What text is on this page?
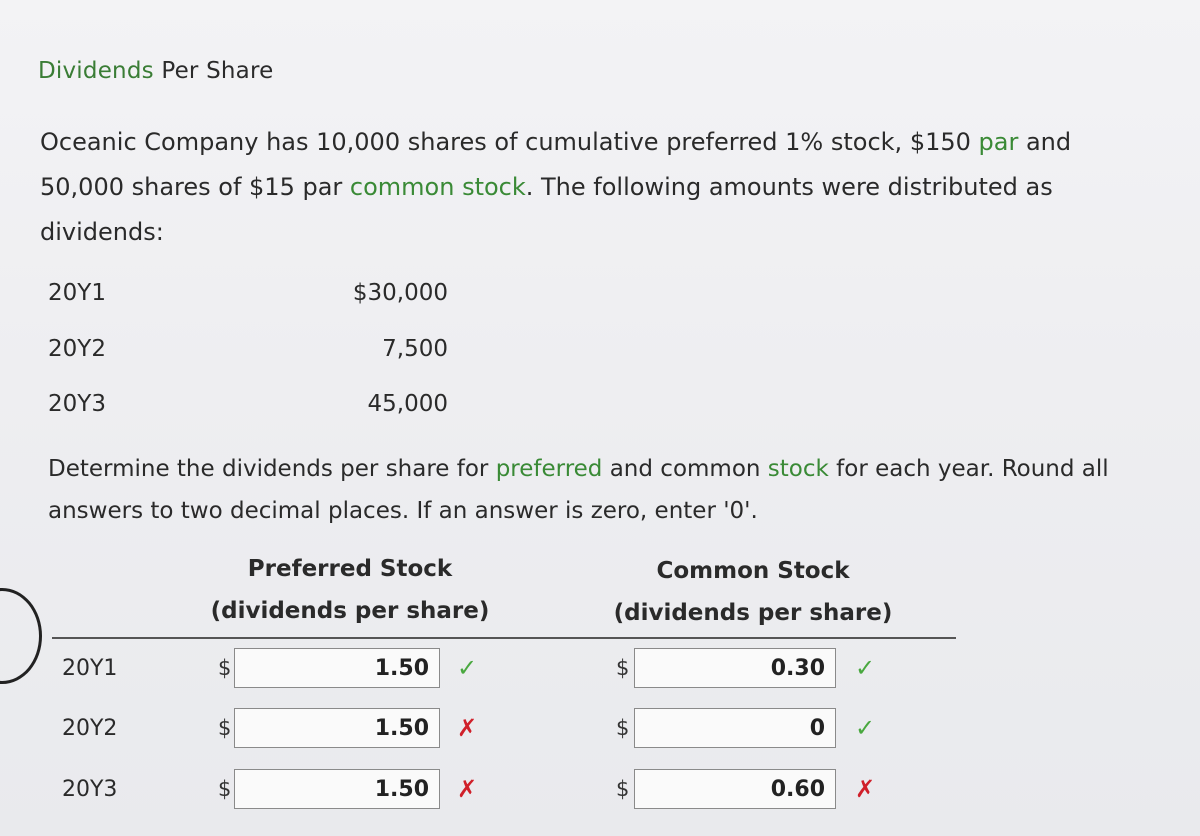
Dividends Per Share
Oceanic Company has 10,000 shares of cumulative preferred 1% stock, $150 par and 50,000 shares of $15 par common stock. The following amounts were distributed as dividends:
20Y1	$30,000
20Y2	7,500
20Y3	45,000
Determine the dividends per share for preferred and common stock for each year. Round all answers to two decimal places. If an answer is zero, enter '0'.
Preferred Stock
(dividends per share)
Common Stock
(dividends per share)
20Y1	$	1.50	✓	$	0.30	✓
20Y2	$	1.50	✗	$	0	✓
20Y3	$	1.50	✗	$	0.60	✗
